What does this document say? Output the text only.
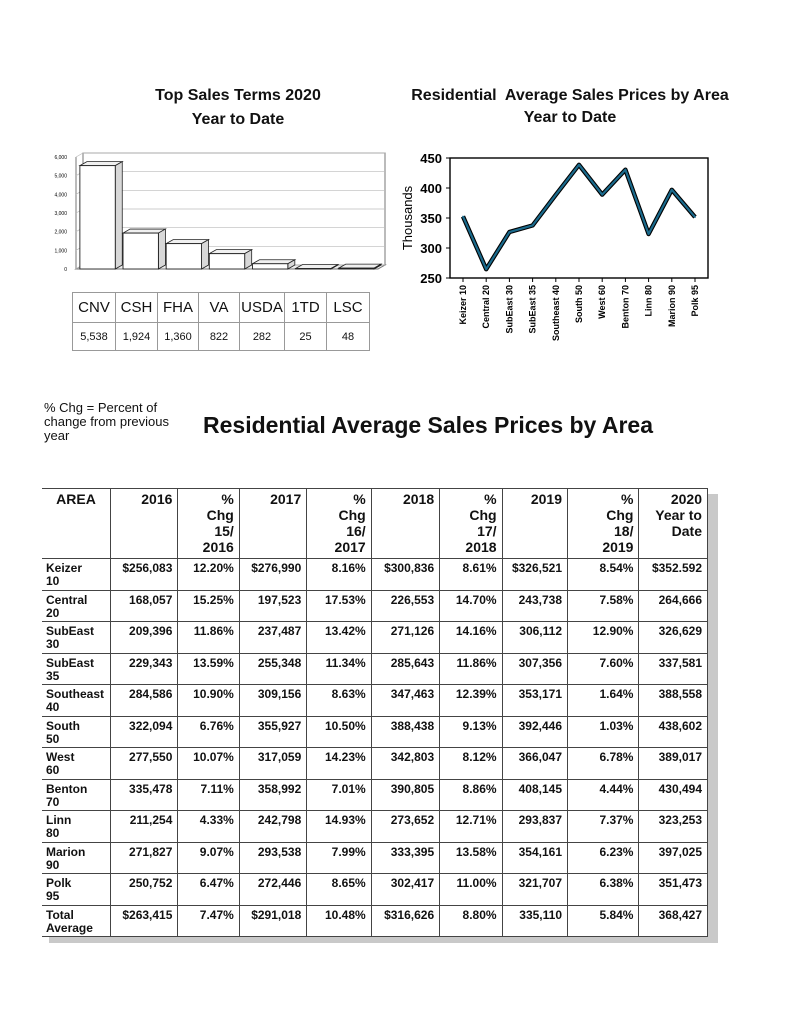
Top Sales Terms 2020
Year to Date
0
1,000
2,000
3,000
4,000
5,000
6,000
CNV	CSH	FHA	VA	USDA	1TD	LSC
5,538	1,924	1,360	822	282	25	48
Residential  Average Sales Prices by Area
Year to Date
250
300
350
400
450
Thousands
Keizer 10 Central 20 SubEast 30 SubEast 35 Southeast 40 South 50 West 60 Benton 70 Linn 80 Marion 90 Polk 95
% Chg = Percent of change from previous year	Residential Average Sales Prices by Area
AREA	2016	%
Chg
15/
2016	2017	%
Chg
16/
2017	2018	%
Chg
17/
2018	2019	%
Chg
18/
2019	2020
Year to
Date
Keizer
10	$256,083	12.20%	$276,990	8.16%	$300,836	8.61%	$326,521	8.54%	$352.592
Central
20	168,057	15.25%	197,523	17.53%	226,553	14.70%	243,738	7.58%	264,666
SubEast
30	209,396	11.86%	237,487	13.42%	271,126	14.16%	306,112	12.90%	326,629
SubEast
35	229,343	13.59%	255,348	11.34%	285,643	11.86%	307,356	7.60%	337,581
Southeast
40	284,586	10.90%	309,156	8.63%	347,463	12.39%	353,171	1.64%	388,558
South
50	322,094	6.76%	355,927	10.50%	388,438	9.13%	392,446	1.03%	438,602
West
60	277,550	10.07%	317,059	14.23%	342,803	8.12%	366,047	6.78%	389,017
Benton
70	335,478	7.11%	358,992	7.01%	390,805	8.86%	408,145	4.44%	430,494
Linn
80	211,254	4.33%	242,798	14.93%	273,652	12.71%	293,837	7.37%	323,253
Marion
90	271,827	9.07%	293,538	7.99%	333,395	13.58%	354,161	6.23%	397,025
Polk
95	250,752	6.47%	272,446	8.65%	302,417	11.00%	321,707	6.38%	351,473
Total
Average	$263,415	7.47%	$291,018	10.48%	$316,626	8.80%	335,110	5.84%	368,427
